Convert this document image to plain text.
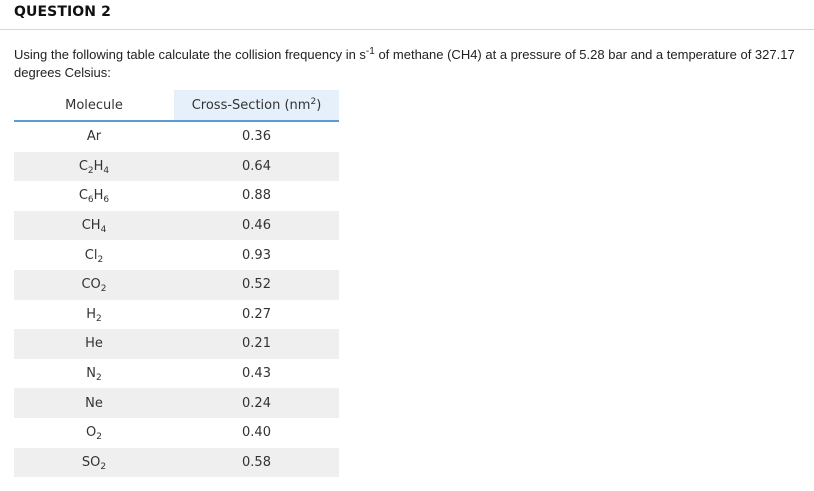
QUESTION 2
Using the following table calculate the collision frequency in $s^{-1}$ of methane (CH4) at a pressure of 5.28 bar and a temperature of 327.17 degrees Celsius:
Molecule	Cross-Section $(nm^2)$
Ar	0.36
$C_2H_4$	0.64
$C_6H_6$	0.88
$CH_4$	0.46
$Cl_2$	0.93
$CO_2$	0.52
$H_2$	0.27
He	0.21
$N_2$	0.43
Ne	0.24
$O_2$	0.40
$SO_2$	0.58
